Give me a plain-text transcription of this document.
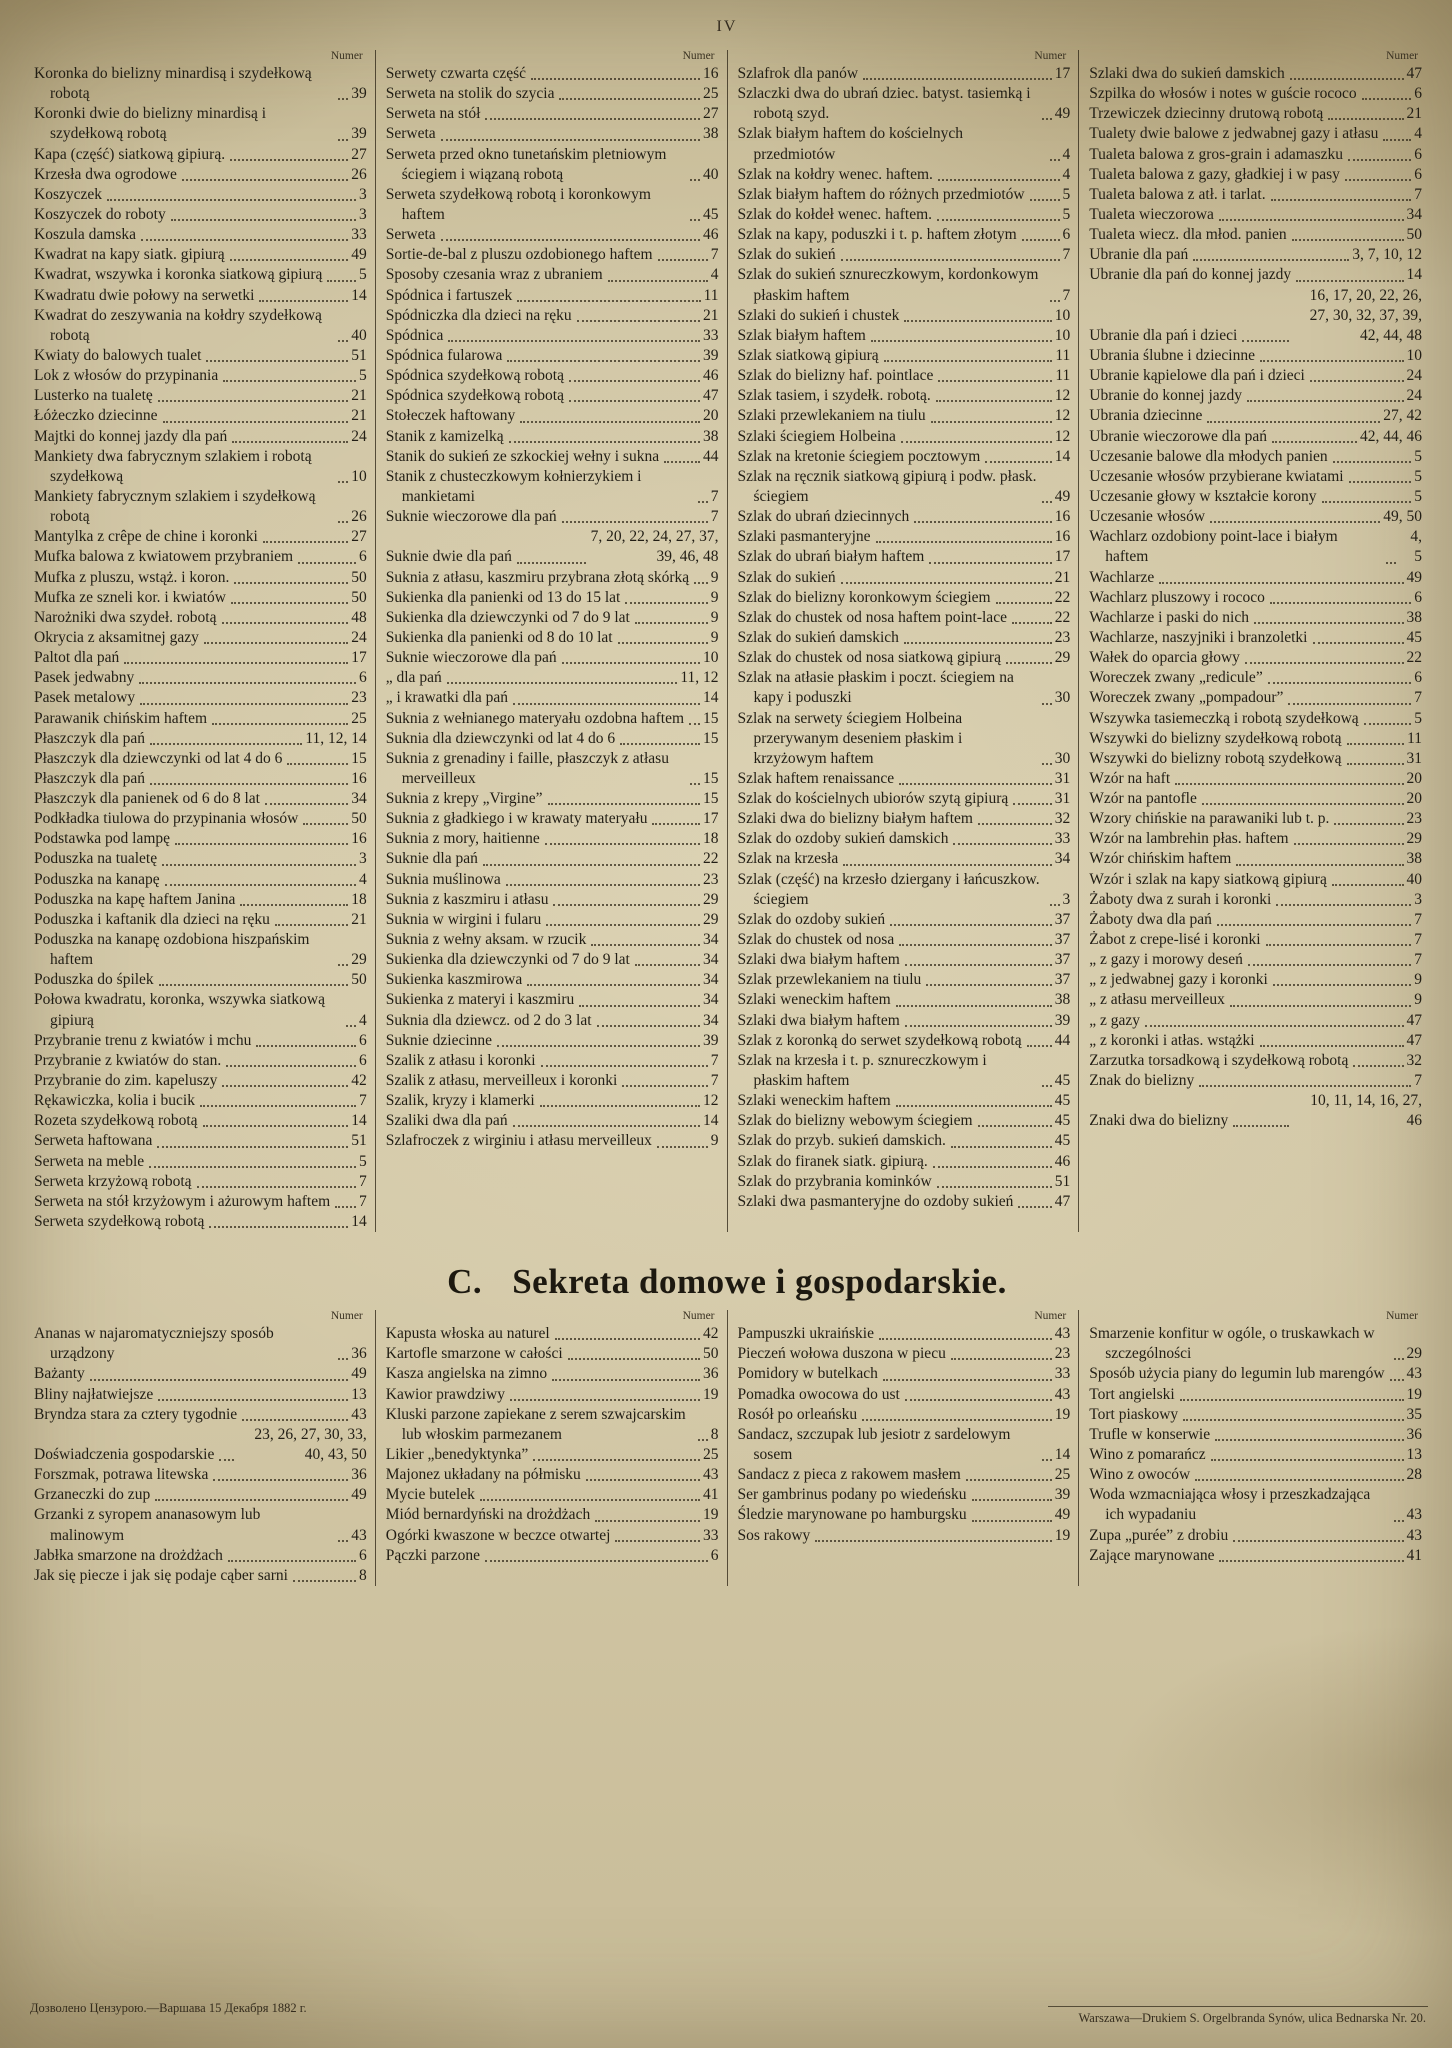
IV
Numer
Koronka do bielizny minardisą i szydełkową robotą	39
Koronki dwie do bielizny minardisą i szydełkową robotą	39
Kapa (część) siatkową gipiurą.	27
Krzesła dwa ogrodowe	26
Koszyczek	3
Koszyczek do roboty	3
Koszula damska	33
Kwadrat na kapy siatk. gipiurą	49
Kwadrat, wszywka i koronka siatkową gipiurą 5
Kwadratu dwie połowy na serwetki	14
Kwadrat do zeszywania na kołdry szydełkową robotą	40
Kwiaty do balowych tualet	51
Lok z włosów do przypinania	5
Lusterko na tualetę	21
Łóżeczko dziecinne	21
Majtki do konnej jazdy dla pań	24
Mankiety dwa fabrycznym szlakiem i robotą szydełkową	10
Mankiety fabrycznym szlakiem i szydełkową robotą	26
Mantylka z crêpe de chine i koronki	27
Mufka balowa z kwiatowem przybraniem	6
Mufka z pluszu, wstąż. i koron.	50
Mufka ze szneli kor. i kwiatów	50
Narożniki dwa szydeł. robotą	48
Okrycia z aksamitnej gazy	24
Paltot dla pań	17
Pasek jedwabny	6
Pasek metalowy	23
Parawanik chińskim haftem	25
Płaszczyk dla pań	11, 12, 14
Płaszczyk dla dziewczynki od lat 4 do 6	15
Płaszczyk dla pań	16
Płaszczyk dla panienek od 6 do 8 lat	34
Podkładka tiulowa do przypinania włosów	50
Podstawka pod lampę	16
Poduszka na tualetę	3
Poduszka na kanapę	4
Poduszka na kapę haftem Janina	18
Poduszka i kaftanik dla dzieci na ręku	21
Poduszka na kanapę ozdobiona hiszpańskim haftem	29
Poduszka do śpilek	50
Połowa kwadratu, koronka, wszywka siatkową gipiurą	4
Przybranie trenu z kwiatów i mchu	6
Przybranie z kwiatów do stan.	6
Przybranie do zim. kapeluszy	42
Rękawiczka, kolia i bucik	7
Rozeta szydełkową robotą	14
Serweta haftowana	51
Serweta na meble	5
Serweta krzyżową robotą	7
Serweta na stół krzyżowym i ażurowym haftem 7
Serweta szydełkową robotą	14
Numer
Serwety czwarta część	16
Serweta na stolik do szycia	25
Serweta na stół	27
Serweta	38
Serweta przed okno tunetańskim pletniowym ściegiem i wiązaną robotą	40
Serweta szydełkową robotą i koronkowym haftem	45
Serweta	46
Sortie-de-bal z pluszu ozdobionego haftem	7
Sposoby czesania wraz z ubraniem	4
Spódnica i fartuszek	11
Spódniczka dla dzieci na ręku	21
Spódnica	33
Spódnica fularowa	39
Spódnica szydełkową robotą	46
Spódnica szydełkową robotą	47
Stołeczek haftowany	20
Stanik z kamizelką	38
Stanik do sukień ze szkockiej wełny i sukna	44
Stanik z chusteczkowym kołnierzykiem i mankietami	7
Suknie wieczorowe dla pań	7
Suknie dwie dla pań
7, 20, 22, 24, 27, 37, 39, 46, 48
Suknia z atłasu, kaszmiru przybrana złotą skórką 9
Sukienka dla panienki od 13 do 15 lat	9
Sukienka dla dziewczynki od 7 do 9 lat	9
Sukienka dla panienki od 8 do 10 lat	9
Suknie wieczorowe dla pań	10
„ dla pań	11, 12
„ i krawatki dla pań	14
Suknia z wełnianego materyału ozdobna haftem 15
Suknia dla dziewczynki od lat 4 do 6	15
Suknia z grenadiny i faille, płaszczyk z atłasu merveilleux	15
Suknia z krepy „Virgine”	15
Suknia z gładkiego i w krawaty materyału	17
Suknia z mory, haitienne	18
Suknie dla pań	22
Suknia muślinowa	23
Suknia z kaszmiru i atłasu	29
Suknia w wirgini i fularu	29
Suknia z wełny aksam. w rzucik	34
Sukienka dla dziewczynki od 7 do 9 lat	34
Sukienka kaszmirowa	34
Sukienka z materyi i kaszmiru	34
Suknia dla dziewcz. od 2 do 3 lat	34
Suknie dziecinne	39
Szalik z atłasu i koronki	7
Szalik z atłasu, merveilleux i koronki	7
Szalik, kryzy i klamerki	12
Szaliki dwa dla pań	14
Szlafroczek z wirginiu i atłasu merveilleux	9
Numer
Szlafrok dla panów	17
Szlaczki dwa do ubrań dziec. batyst. tasiemką i robotą szyd.	49
Szlak białym haftem do kościelnych przedmiotów	4
Szlak na kołdry wenec. haftem.	4
Szlak białym haftem do różnych przedmiotów 5
Szlak do kołdeł wenec. haftem.	5
Szlak na kapy, poduszki i t. p. haftem złotym	6
Szlak do sukień	7
Szlak do sukień sznureczkowym, kordonkowym płaskim haftem	7
Szlaki do sukień i chustek	10
Szlak białym haftem	10
Szlak siatkową gipiurą	11
Szlak do bielizny haf. pointlace	11
Szlak tasiem, i szydełk. robotą.	12
Szlaki przewlekaniem na tiulu	12
Szlaki ściegiem Holbeina	12
Szlak na kretonie ściegiem pocztowym	14
Szlak na ręcznik siatkową gipiurą i podw. płask. ściegiem	49
Szlak do ubrań dziecinnych	16
Szlaki pasmanteryjne	16
Szlak do ubrań białym haftem	17
Szlak do sukień	21
Szlak do bielizny koronkowym ściegiem	22
Szlak do chustek od nosa haftem point-lace	22
Szlak do sukień damskich	23
Szlak do chustek od nosa siatkową gipiurą	29
Szlak na atłasie płaskim i poczt. ściegiem na kapy i poduszki	30
Szlak na serwety ściegiem Holbeina przerywanym deseniem płaskim i krzyżowym haftem	30
Szlak haftem renaissance	31
Szlak do kościelnych ubiorów szytą gipiurą	31
Szlaki dwa do bielizny białym haftem	32
Szlak do ozdoby sukień damskich	33
Szlak na krzesła	34
Szlak (część) na krzesło dziergany i łańcuszkow. ściegiem	3
Szlak do ozdoby sukień	37
Szlak do chustek od nosa	37
Szlaki dwa białym haftem	37
Szlak przewlekaniem na tiulu	37
Szlaki weneckim haftem	38
Szlaki dwa białym haftem	39
Szlak z koronką do serwet szydełkową robotą 44
Szlak na krzesła i t. p. sznureczkowym i płaskim haftem	45
Szlaki weneckim haftem	45
Szlak do bielizny webowym ściegiem	45
Szlak do przyb. sukień damskich.	45
Szlak do firanek siatk. gipiurą.	46
Szlak do przybrania kominków	51
Szlaki dwa pasmanteryjne do ozdoby sukień	47
Numer
Szlaki dwa do sukień damskich	47
Szpilka do włosów i notes w guście rococo	6
Trzewiczek dziecinny drutową robotą	21
Tualety dwie balowe z jedwabnej gazy i atłasu 4
Tualeta balowa z gros-grain i adamaszku	6
Tualeta balowa z gazy, gładkiej i w pasy	6
Tualeta balowa z atł. i tarlat.	7
Tualeta wieczorowa	34
Tualeta wiecz. dla młod. panien	50
Ubranie dla pań	3, 7, 10, 12
Ubranie dla pań do konnej jazdy	14
Ubranie dla pań i dzieci
16, 17, 20, 22, 26, 27, 30, 32, 37, 39, 42, 44, 48
Ubrania ślubne i dziecinne	10
Ubranie kąpielowe dla pań i dzieci	24
Ubranie do konnej jazdy	24
Ubrania dziecinne	27, 42
Ubranie wieczorowe dla pań	42, 44, 46
Uczesanie balowe dla młodych panien	5
Uczesanie włosów przybierane kwiatami	5
Uczesanie głowy w kształcie korony	5
Uczesanie włosów	49, 50
Wachlarz ozdobiony point-lace i białym haftem
4, 5
Wachlarze	49
Wachlarz pluszowy i rococo	6
Wachlarze i paski do nich	38
Wachlarze, naszyjniki i branzoletki	45
Wałek do oparcia głowy	22
Woreczek zwany „redicule”	6
Woreczek zwany „pompadour”	7
Wszywka tasiemeczką i robotą szydełkową	5
Wszywki do bielizny szydełkową robotą	11
Wszywki do bielizny robotą szydełkową	31
Wzór na haft	20
Wzór na pantofle	20
Wzory chińskie na parawaniki lub t. p.	23
Wzór na lambrehin płas. haftem	29
Wzór chińskim haftem	38
Wzór i szlak na kapy siatkową gipiurą	40
Żaboty dwa z surah i koronki	3
Żaboty dwa dla pań	7
Żabot z crepe-lisé i koronki	7
„ z gazy i morowy deseń	7
„ z jedwabnej gazy i koronki	9
„ z atłasu merveilleux	9
„ z gazy	47
„ z koronki i atłas. wstążki	47
Zarzutka torsadkową i szydełkową robotą	32
Znak do bielizny	7
Znaki dwa do bielizny
10, 11, 14, 16, 27, 46
C. Sekreta domowe i gospodarskie.
Numer
Ananas w najaromatyczniejszy sposób urządzony	36
Bażanty	49
Bliny najłatwiejsze	13
Bryndza stara za cztery tygodnie	43
Doświadczenia gospodarskie
23, 26, 27, 30, 33, 40, 43, 50
Forszmak, potrawa litewska	36
Grzaneczki do zup	49
Grzanki z syropem ananasowym lub malinowym	43
Jabłka smarzone na drożdżach	6
Jak się piecze i jak się podaje cąber sarni	8
Numer
Kapusta włoska au naturel	42
Kartofle smarzone w całości	50
Kasza angielska na zimno	36
Kawior prawdziwy	19
Kluski parzone zapiekane z serem szwajcarskim lub włoskim parmezanem	8
Likier „benedyktynka”	25
Majonez układany na półmisku	43
Mycie butelek	41
Miód bernardyński na drożdżach	19
Ogórki kwaszone w beczce otwartej	33
Pączki parzone	6
Numer
Pampuszki ukraińskie	43
Pieczeń wołowa duszona w piecu	23
Pomidory w butelkach	33
Pomadka owocowa do ust	43
Rosół po orleańsku	19
Sandacz, szczupak lub jesiotr z sardelowym sosem	14
Sandacz z pieca z rakowem masłem	25
Ser gambrinus podany po wiedeńsku	39
Śledzie marynowane po hamburgsku	49
Sos rakowy	19
Numer
Smarzenie konfitur w ogóle, o truskawkach w szczególności	29
Sposób użycia piany do legumin lub marengów 43
Tort angielski	19
Tort piaskowy	35
Trufle w konserwie	36
Wino z pomarańcz	13
Wino z owoców	28
Woda wzmacniająca włosy i przeszkadzająca ich wypadaniu	43
Zupa „purée” z drobiu	43
Zające marynowane	41
Дозволено Цензурою.—Варшава 15 Декабря 1882 г.
Warszawa—Drukiem S. Orgelbranda Synów, ulica Bednarska Nr. 20.
